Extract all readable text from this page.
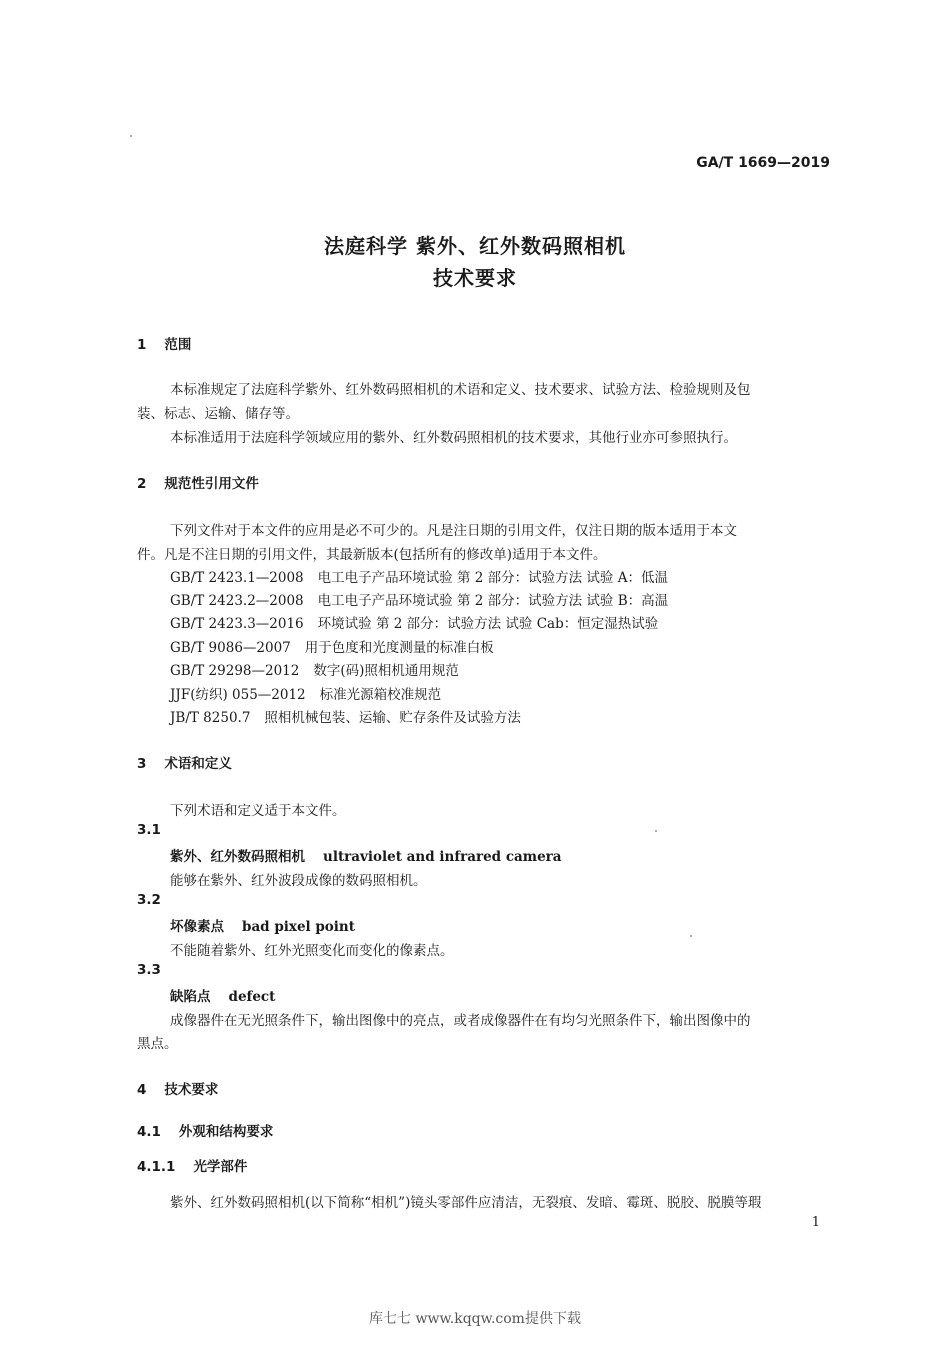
GA/T 1669—2019
法庭科学 紫外、红外数码照相机
技术要求
1 范围
本标准规定了法庭科学紫外、红外数码照相机的术语和定义、技术要求、试验方法、检验规则及包
装、标志、运输、储存等。
本标准适用于法庭科学领域应用的紫外、红外数码照相机的技术要求，其他行业亦可参照执行。
2 规范性引用文件
下列文件对于本文件的应用是必不可少的。凡是注日期的引用文件，仅注日期的版本适用于本文
件。凡是不注日期的引用文件，其最新版本(包括所有的修改单)适用于本文件。
GB/T 2423.1—2008 电工电子产品环境试验 第 2 部分：试验方法 试验 A：低温
GB/T 2423.2—2008 电工电子产品环境试验 第 2 部分：试验方法 试验 B：高温
GB/T 2423.3—2016 环境试验 第 2 部分：试验方法 试验 Cab：恒定湿热试验
GB/T 9086—2007 用于色度和光度测量的标准白板
GB/T 29298—2012 数字(码)照相机通用规范
JJF(纺织) 055—2012 标准光源箱校准规范
JB/T 8250.7 照相机械包装、运输、贮存条件及试验方法
3 术语和定义
下列术语和定义适于本文件。
3.1
紫外、红外数码照相机 ultraviolet and infrared camera
能够在紫外、红外波段成像的数码照相机。
3.2
坏像素点 bad pixel point
不能随着紫外、红外光照变化而变化的像素点。
3.3
缺陷点 defect
成像器件在无光照条件下，输出图像中的亮点，或者成像器件在有均匀光照条件下，输出图像中的
黑点。
4 技术要求
4.1 外观和结构要求
4.1.1 光学部件
紫外、红外数码照相机(以下简称“相机”)镜头零部件应清洁，无裂痕、发暗、霉斑、脱胶、脱膜等瑕
1
库七七 www.kqqw.com提供下载
